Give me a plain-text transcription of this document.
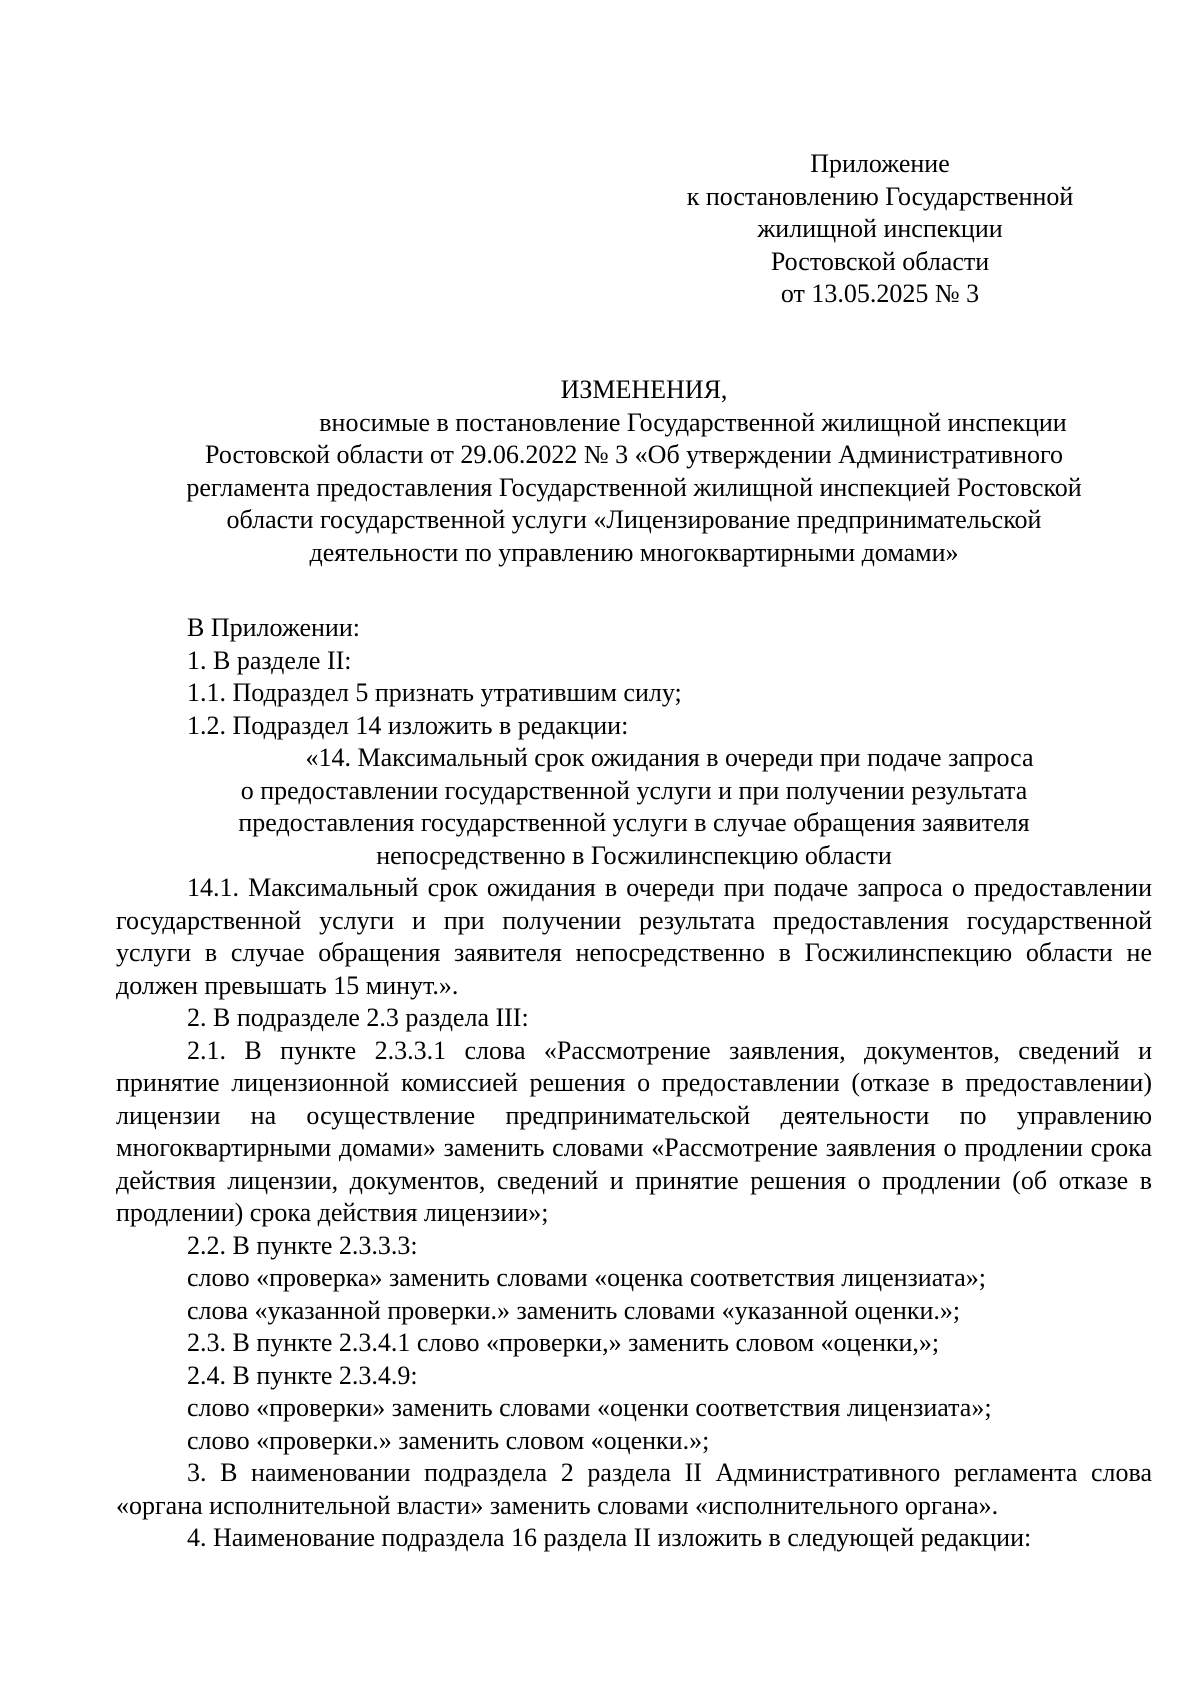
Приложение
к постановлению Государственной
жилищной инспекции
Ростовской области
от 13.05.2025 № 3
ИЗМЕНЕНИЯ,
вносимые в постановление Государственной жилищной инспекции
Ростовской области от 29.06.2022 № 3 «Об утверждении Административного
регламента предоставления Государственной жилищной инспекцией Ростовской
области государственной услуги «Лицензирование предпринимательской
деятельности по управлению многоквартирными домами»

В Приложении:

1. В разделе II:

1.1. Подраздел 5 признать утратившим силу;

1.2. Подраздел 14 изложить в редакции:

«14. Максимальный срок ожидания в очереди при подаче запроса
о предоставлении государственной услуги и при получении результата
предоставления государственной услуги в случае обращения заявителя
непосредственно в Госжилинспекцию области

14.1. Максимальный срок ожидания в очереди при подаче запроса о предоставлении государственной услуги и при получении результата предоставления государственной услуги в случае обращения заявителя непосредственно в Госжилинспекцию области не должен превышать 15 минут.».

2. В подразделе 2.3 раздела III:

2.1. В пункте 2.3.3.1 слова «Рассмотрение заявления, документов, сведений и принятие лицензионной комиссией решения о предоставлении (отказе в предоставлении) лицензии на осуществление предпринимательской деятельности по управлению многоквартирными домами» заменить словами «Рассмотрение заявления о продлении срока действия лицензии, документов, сведений и принятие решения о продлении (об отказе в продлении) срока действия лицензии»;

2.2. В пункте 2.3.3.3:

слово «проверка» заменить словами «оценка соответствия лицензиата»;

слова «указанной проверки.» заменить словами «указанной оценки.»;

2.3. В пункте 2.3.4.1 слово «проверки,» заменить словом «оценки,»;

2.4. В пункте 2.3.4.9:

слово «проверки» заменить словами «оценки соответствия лицензиата»;

слово «проверки.» заменить словом «оценки.»;

3. В наименовании подраздела 2 раздела II Административного регламента слова «органа исполнительной власти» заменить словами «исполнительного органа».

4. Наименование подраздела 16 раздела II изложить в следующей редакции:
